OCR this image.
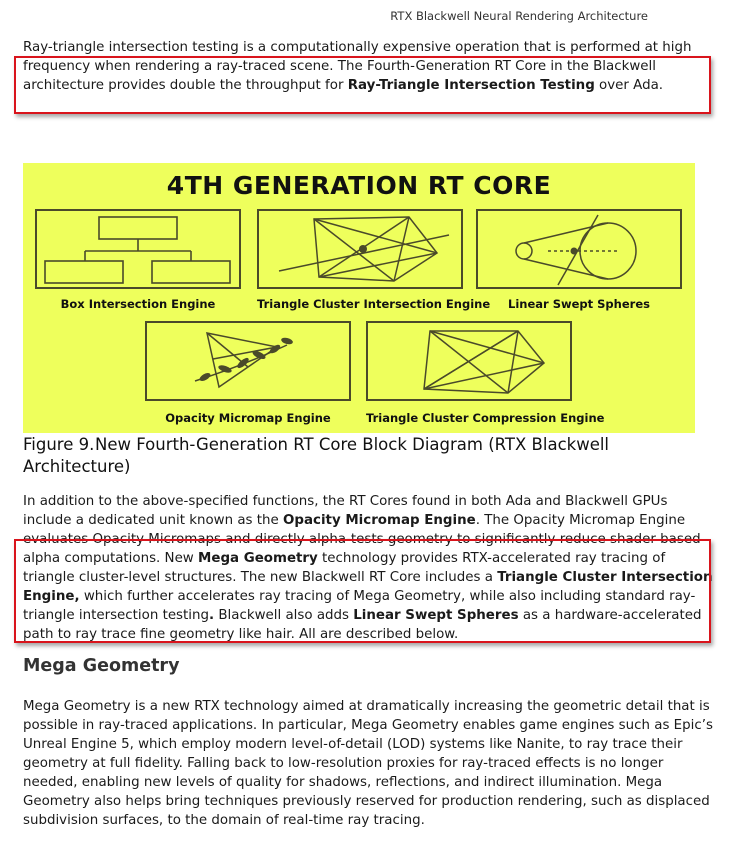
RTX Blackwell Neural Rendering Architecture

Ray-triangle intersection testing is a computationally expensive operation that is performed at high frequency when rendering a ray-traced scene. The Fourth-Generation RT Core in the Blackwell architecture provides double the throughput for Ray-Triangle Intersection Testing over Ada.

4TH GENERATION RT CORE
Box Intersection Engine	Triangle Cluster Intersection Engine	Linear Swept Spheres
Opacity Micromap Engine	Triangle Cluster Compression Engine
Figure 9.New Fourth-Generation RT Core Block Diagram (RTX Blackwell Architecture)

In addition to the above-specified functions, the RT Cores found in both Ada and Blackwell GPUs include a dedicated unit known as the Opacity Micromap Engine. The Opacity Micromap Engine evaluates Opacity Micromaps and directly alpha-tests geometry to significantly reduce shader based alpha computations. New Mega Geometry technology provides RTX-accelerated ray tracing of triangle cluster-level structures. The new Blackwell RT Core includes a Triangle Cluster Intersection Engine, which further accelerates ray tracing of Mega Geometry, while also including standard ray-triangle intersection testing. Blackwell also adds Linear Swept Spheres as a hardware-accelerated path to ray trace fine geometry like hair. All are described below.

Mega Geometry

Mega Geometry is a new RTX technology aimed at dramatically increasing the geometric detail that is possible in ray-traced applications. In particular, Mega Geometry enables game engines such as Epic’s Unreal Engine 5, which employ modern level-of-detail (LOD) systems like Nanite, to ray trace their geometry at full fidelity. Falling back to low-resolution proxies for ray-traced effects is no longer needed, enabling new levels of quality for shadows, reflections, and indirect illumination. Mega Geometry also helps bring techniques previously reserved for production rendering, such as displaced subdivision surfaces, to the domain of real-time ray tracing.
